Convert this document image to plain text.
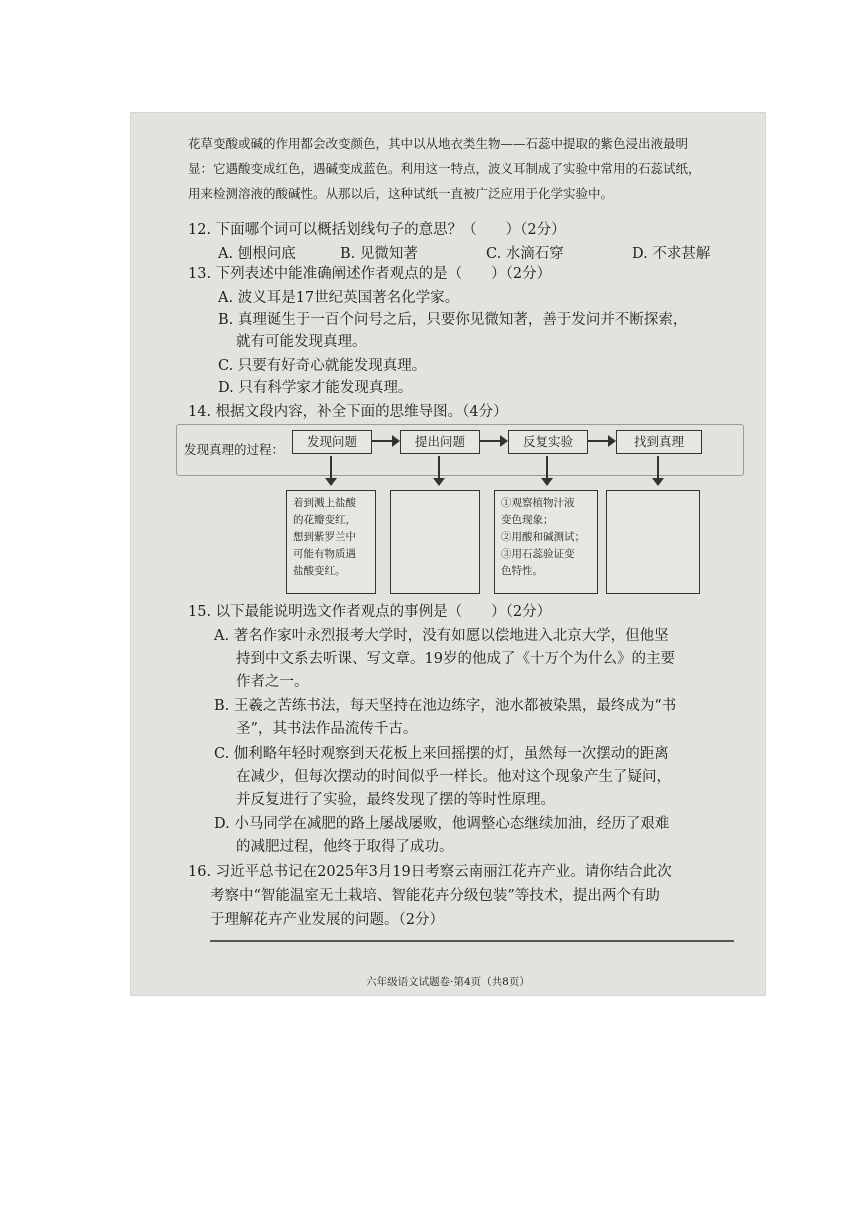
花草变酸或碱的作用都会改变颜色，其中以从地衣类生物——石蕊中提取的紫色浸出液最明
显：它遇酸变成红色，遇碱变成蓝色。利用这一特点，波义耳制成了实验中常用的石蕊试纸，
用来检测溶液的酸碱性。从那以后，这种试纸一直被广泛应用于化学实验中。
12. 下面哪个词可以概括划线句子的意思？（　　）（2分）
A. 刨根问底	B. 见微知著	C. 水滴石穿	D. 不求甚解
13. 下列表述中能准确阐述作者观点的是（　　）（2分）
A. 波义耳是17世纪英国著名化学家。
B. 真理诞生于一百个问号之后，只要你见微知著，善于发问并不断探索，
就有可能发现真理。
C. 只要有好奇心就能发现真理。
D. 只有科学家才能发现真理。
14. 根据文段内容，补全下面的思维导图。（4分）
发现真理的过程：
发现问题	提出问题	反复实验	找到真理
着到溅上盐酸
的花瓣变红，
想到紫罗兰中
可能有物质遇
盐酸变红。
①观察植物汁液
变色现象；
②用酸和碱测试；
③用石蕊验证变
色特性。
15. 以下最能说明选文作者观点的事例是（　　）（2分）
A. 著名作家叶永烈报考大学时，没有如愿以偿地进入北京大学，但他坚
持到中文系去听课、写文章。19岁的他成了《十万个为什么》的主要
作者之一。
B. 王羲之苦练书法，每天坚持在池边练字，池水都被染黑，最终成为“书
圣”，其书法作品流传千古。
C. 伽利略年轻时观察到天花板上来回摇摆的灯，虽然每一次摆动的距离
在减少，但每次摆动的时间似乎一样长。他对这个现象产生了疑问，
并反复进行了实验，最终发现了摆的等时性原理。
D. 小马同学在减肥的路上屡战屡败，他调整心态继续加油，经历了艰难
的减肥过程，他终于取得了成功。
16. 习近平总书记在2025年3月19日考察云南丽江花卉产业。请你结合此次
考察中“智能温室无土栽培、智能花卉分级包装”等技术，提出两个有助
于理解花卉产业发展的问题。（2分）
六年级语文试题卷·第4页（共8页）
